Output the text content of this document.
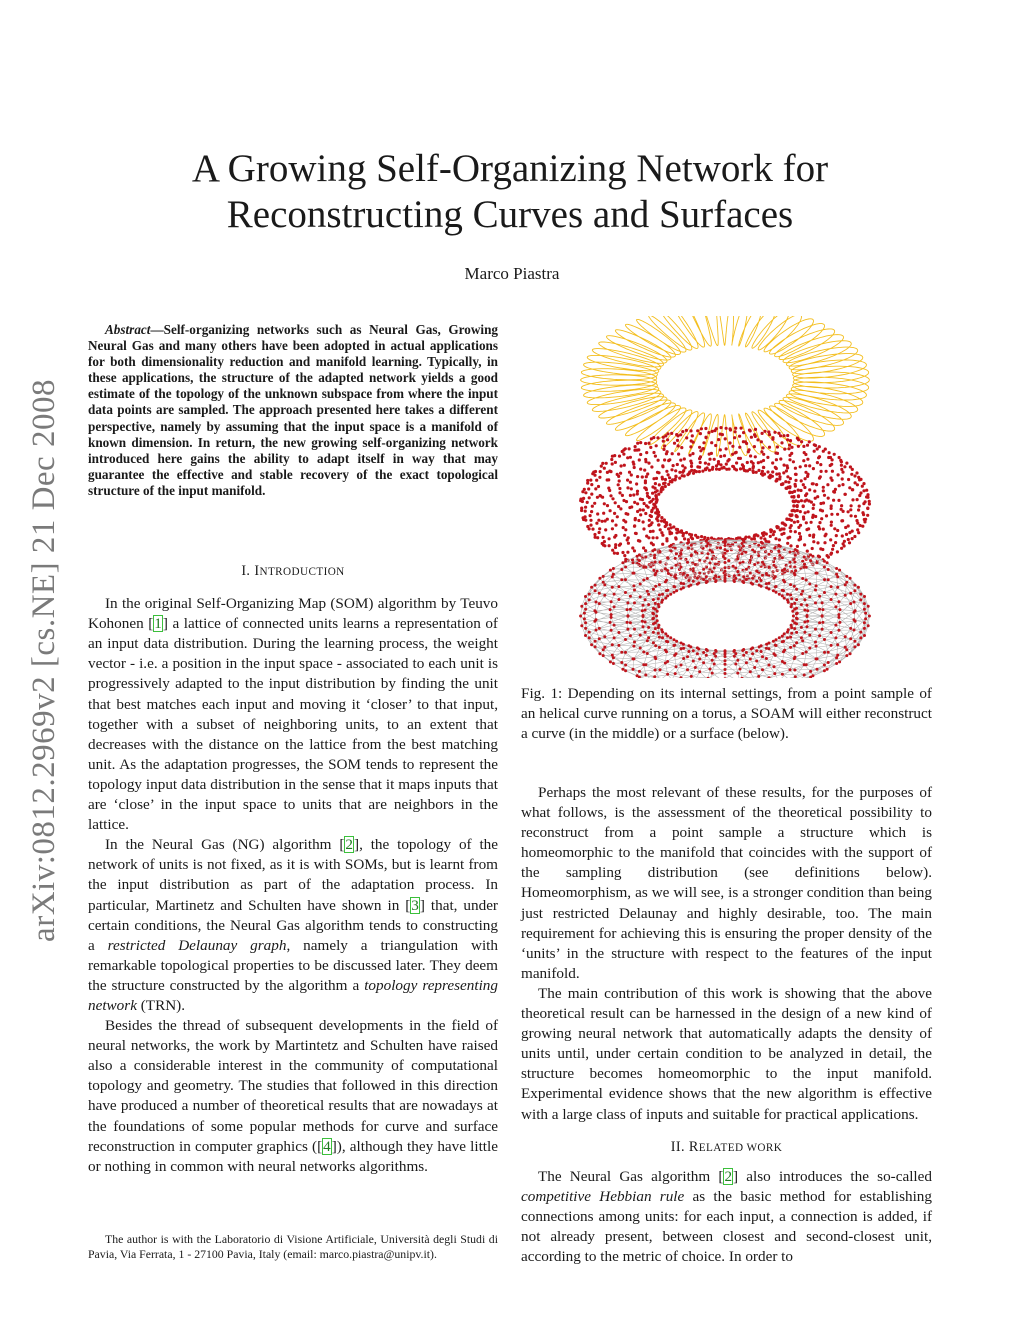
arXiv:0812.2969v2 [cs.NE] 21 Dec 2008
A Growing Self-Organizing Network for Reconstructing Curves and Surfaces
Marco Piastra

Abstract—Self-organizing networks such as Neural Gas, Growing Neural Gas and many others have been adopted in actual applications for both dimensionality reduction and manifold learning. Typically, in these applications, the structure of the adapted network yields a good estimate of the topology of the unknown subspace from where the input data points are sampled. The approach presented here takes a different perspective, namely by assuming that the input space is a manifold of known dimension. In return, the new growing self-organizing network introduced here gains the ability to adapt itself in way that may guarantee the effective and stable recovery of the exact topological structure of the input manifold.

I. INTRODUCTION

In the original Self-Organizing Map (SOM) algorithm by Teuvo Kohonen [1] a lattice of connected units learns a representation of an input data distribution. During the learning process, the weight vector - i.e. a position in the input space - associated to each unit is progressively adapted to the input distribution by finding the unit that best matches each input and moving it ‘closer’ to that input, together with a subset of neighboring units, to an extent that decreases with the distance on the lattice from the best matching unit. As the adaptation progresses, the SOM tends to represent the topology input data distribution in the sense that it maps inputs that are ‘close’ in the input space to units that are neighbors in the lattice.

In the Neural Gas (NG) algorithm [2], the topology of the network of units is not fixed, as it is with SOMs, but is learnt from the input distribution as part of the adaptation process. In particular, Martinetz and Schulten have shown in [3] that, under certain conditions, the Neural Gas algorithm tends to constructing a restricted Delaunay graph, namely a triangulation with remarkable topological properties to be discussed later. They deem the structure constructed by the algorithm a topology representing network (TRN).

Besides the thread of subsequent developments in the field of neural networks, the work by Martintetz and Schulten have raised also a considerable interest in the community of computational topology and geometry. The studies that followed in this direction have produced a number of theoretical results that are nowadays at the foundations of some popular methods for curve and surface reconstruction in computer graphics ([4]), although they have little or nothing in common with neural networks algorithms.

The author is with the Laboratorio di Visione Artificiale, Università degli Studi di Pavia, Via Ferrata, 1 - 27100 Pavia, Italy (email: marco.piastra@unipv.it).

Fig. 1: Depending on its internal settings, from a point sample of an helical curve running on a torus, a SOAM will either reconstruct a curve (in the middle) or a surface (below).

Perhaps the most relevant of these results, for the purposes of what follows, is the assessment of the theoretical possibility to reconstruct from a point sample a structure which is homeomorphic to the manifold that coincides with the support of the sampling distribution (see definitions below). Homeomorphism, as we will see, is a stronger condition than being just restricted Delaunay and highly desirable, too. The main requirement for achieving this is ensuring the proper density of the ‘units’ in the structure with respect to the features of the input manifold.

The main contribution of this work is showing that the above theoretical result can be harnessed in the design of a new kind of growing neural network that automatically adapts the density of units until, under certain condition to be analyzed in detail, the structure becomes homeomorphic to the input manifold. Experimental evidence shows that the new algorithm is effective with a large class of inputs and suitable for practical applications.

II. RELATED WORK

The Neural Gas algorithm [2] also introduces the so-called competitive Hebbian rule as the basic method for establishing connections among units: for each input, a connection is added, if not already present, between closest and second-closest unit, according to the metric of choice. In order to
